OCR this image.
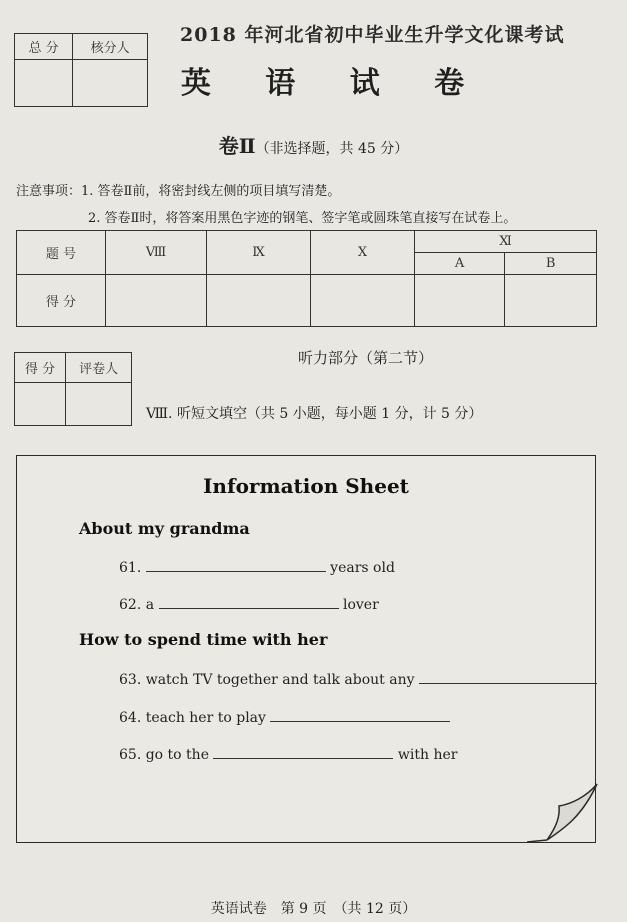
总 分	核分人

2018 年河北省初中毕业生升学文化课考试
英 语 试 卷
卷Ⅱ（非选择题，共 45 分）
注意事项：1. 答卷Ⅱ前，将密封线左侧的项目填写清楚。
2. 答卷Ⅱ时，将答案用黑色字迹的钢笔、签字笔或圆珠笔直接写在试卷上。
题 号	Ⅷ	Ⅸ	Ⅹ	Ⅺ	
				A	B
得 分					
得 分	评卷人

听力部分（第二节）
Ⅷ. 听短文填空（共 5 小题，每小题 1 分，计 5 分）
Information Sheet
About my grandma
61.	years old
62. a	lover
How to spend time with her
63. watch TV together and talk about any
64. teach her to play
65. go to the	with her
英语试卷　第 9 页　（共 12 页）
